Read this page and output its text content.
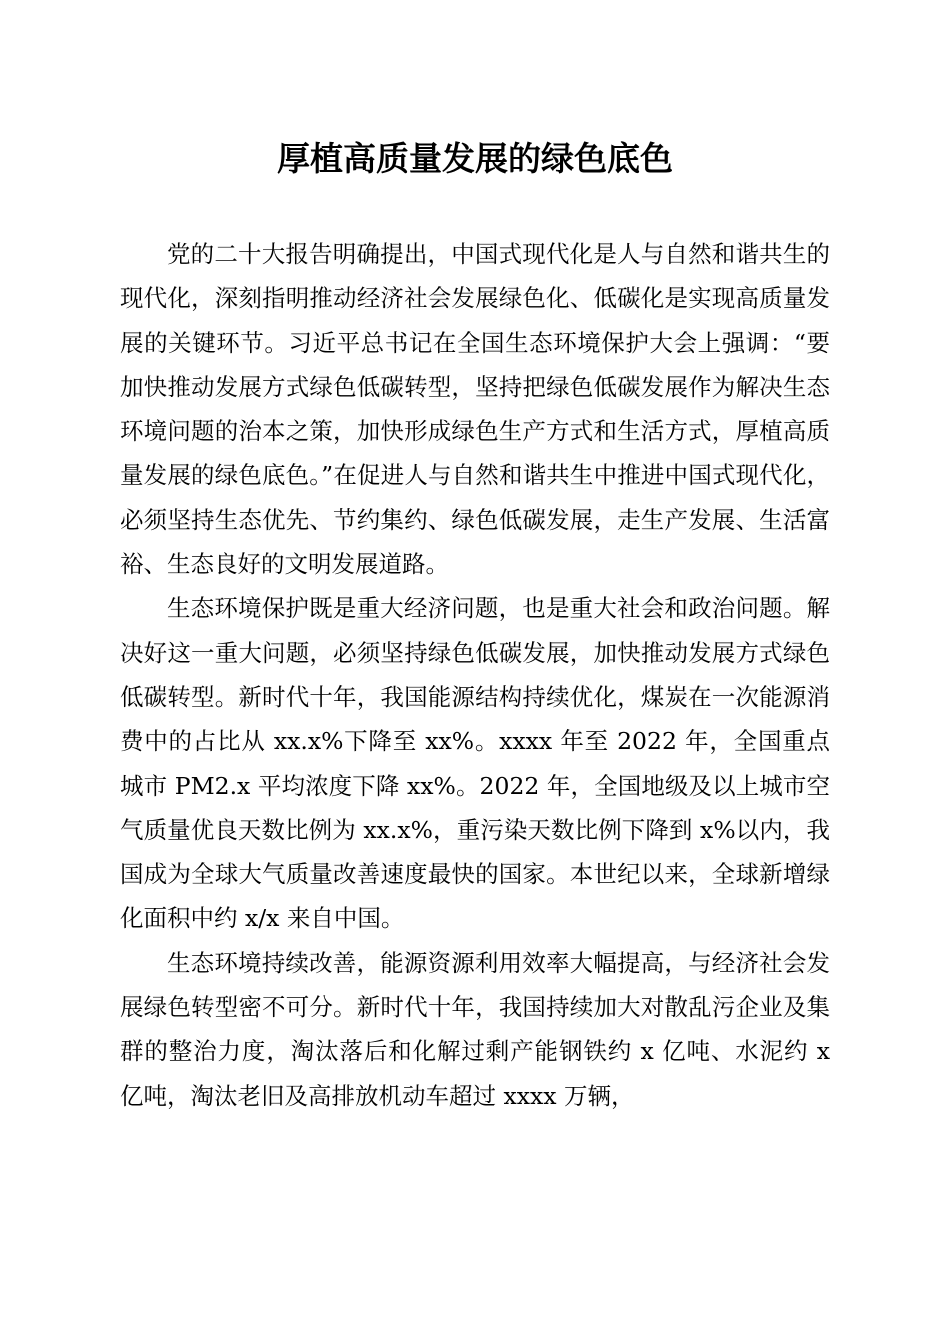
厚植高质量发展的绿色底色

党的二十大报告明确提出，中国式现代化是人与自然和谐共生的现代化，深刻指明推动经济社会发展绿色化、低碳化是实现高质量发展的关键环节。习近平总书记在全国生态环境保护大会上强调：“要加快推动发展方式绿色低碳转型，坚持把绿色低碳发展作为解决生态环境问题的治本之策，加快形成绿色生产方式和生活方式，厚植高质量发展的绿色底色。”在促进人与自然和谐共生中推进中国式现代化，必须坚持生态优先、节约集约、绿色低碳发展，走生产发展、生活富裕、生态良好的文明发展道路。

生态环境保护既是重大经济问题，也是重大社会和政治问题。解决好这一重大问题，必须坚持绿色低碳发展，加快推动发展方式绿色低碳转型。新时代十年，我国能源结构持续优化，煤炭在一次能源消费中的占比从 xx.x%下降至 xx%。xxxx 年至 2022 年，全国重点城市 PM2.x 平均浓度下降 xx%。2022 年，全国地级及以上城市空气质量优良天数比例为 xx.x%，重污染天数比例下降到 x%以内，我国成为全球大气质量改善速度最快的国家。本世纪以来，全球新增绿化面积中约 x/x 来自中国。

生态环境持续改善，能源资源利用效率大幅提高，与经济社会发展绿色转型密不可分。新时代十年，我国持续加大对散乱污企业及集群的整治力度，淘汰落后和化解过剩产能钢铁约 x 亿吨、水泥约 x 亿吨，淘汰老旧及高排放机动车超过 xxxx 万辆，
